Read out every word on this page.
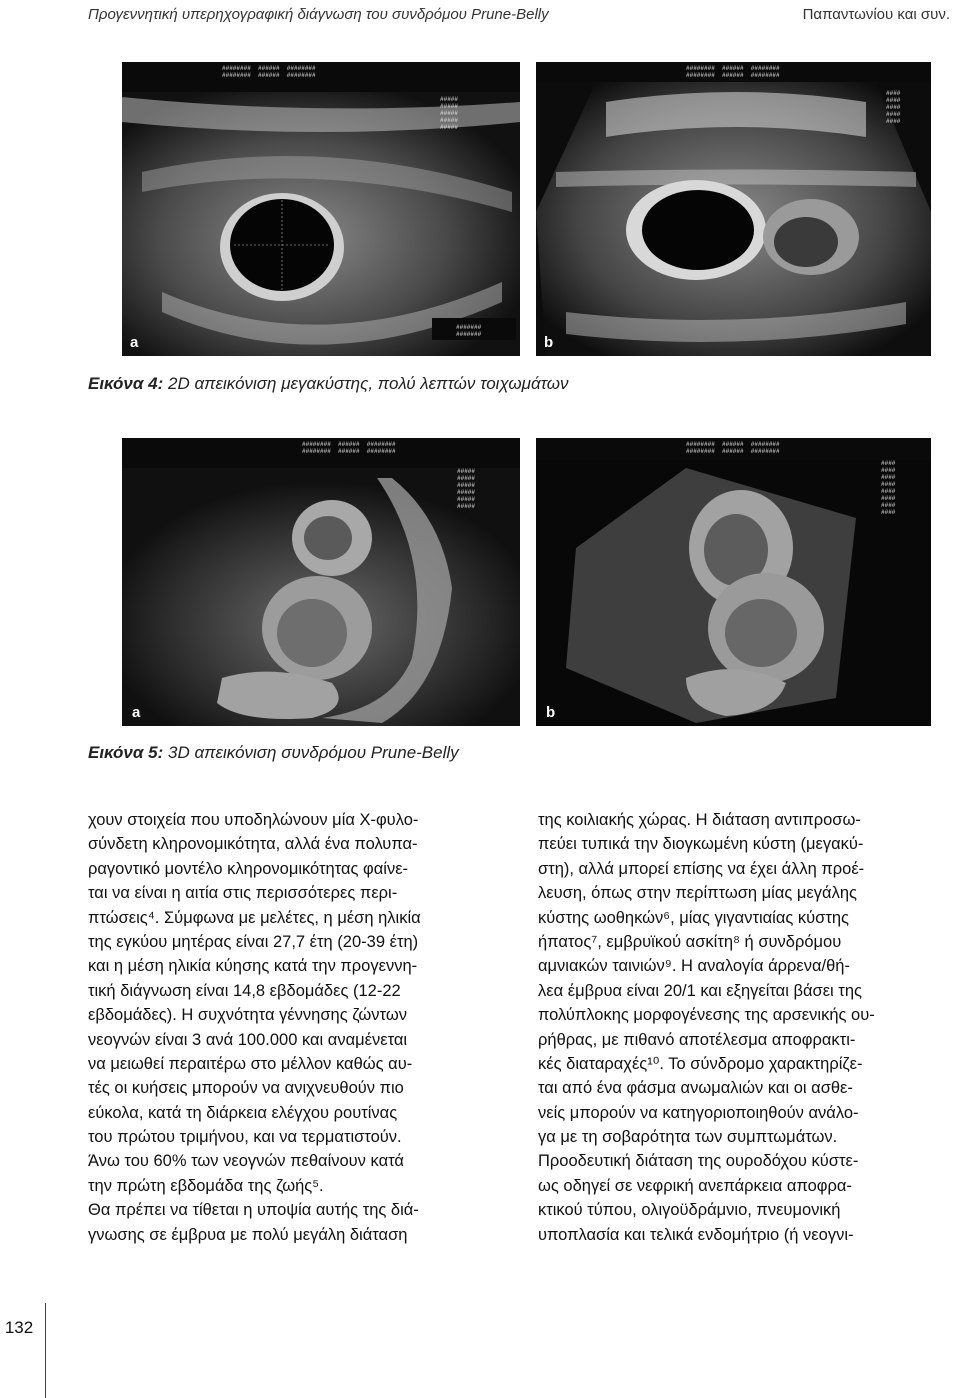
Προγεννητική υπερηχογραφική διάγνωση του συνδρόμου Prune-Belly	Παπαντωνίου και συν.
########  ######  ########
########  ######  ########
#####
#####
#####
#####
#####
#######
#######
a
########  ######  ########
########  ######  ########
####
####
####
####
####
b
Εικόνα 4: 2D απεικόνιση μεγακύστης, πολύ λεπτών τοιχωμάτων
########  ######  ########
########  ######  ########
#####
#####
#####
#####
#####
#####
a
########  ######  ########
########  ######  ########
####
####
####
####
####
####
####
####
b
Εικόνα 5: 3D απεικόνιση συνδρόμου Prune-Belly
χουν στοιχεία που υποδηλώνουν μία Χ-φυλο-
σύνδετη κληρονομικότητα, αλλά ένα πολυπα-
ραγοντικό μοντέλο κληρονομικότητας φαίνε-
ται να είναι η αιτία στις περισσότερες περι-
πτώσεις⁴. Σύμφωνα με μελέτες, η μέση ηλικία
της εγκύου μητέρας είναι 27,7 έτη (20-39 έτη)
και η μέση ηλικία κύησης κατά την προγεννη-
τική διάγνωση είναι 14,8 εβδομάδες (12-22
εβδομάδες). Η συχνότητα γέννησης ζώντων
νεογνών είναι 3 ανά 100.000 και αναμένεται
να μειωθεί περαιτέρω στο μέλλον καθώς αυ-
τές οι κυήσεις μπορούν να ανιχνευθούν πιο
εύκολα, κατά τη διάρκεια ελέγχου ρουτίνας
του πρώτου τριμήνου, και να τερματιστούν.
Άνω του 60% των νεογνών πεθαίνουν κατά
την πρώτη εβδομάδα της ζωής⁵.
Θα πρέπει να τίθεται η υποψία αυτής της διά-
γνωσης σε έμβρυα με πολύ μεγάλη διάταση
της κοιλιακής χώρας. Η διάταση αντιπροσω-
πεύει τυπικά την διογκωμένη κύστη (μεγακύ-
στη), αλλά μπορεί επίσης να έχει άλλη προέ-
λευση, όπως στην περίπτωση μίας μεγάλης
κύστης ωοθηκών⁶, μίας γιγαντιαίας κύστης
ήπατος⁷, εμβρυϊκού ασκίτη⁸ ή συνδρόμου
αμνιακών ταινιών⁹. Η αναλογία άρρενα/θή-
λεα έμβρυα είναι 20/1 και εξηγείται βάσει της
πολύπλοκης μορφογένεσης της αρσενικής ου-
ρήθρας, με πιθανό αποτέλεσμα αποφρακτι-
κές διαταραχές¹⁰. Το σύνδρομο χαρακτηρίζε-
ται από ένα φάσμα ανωμαλιών και οι ασθε-
νείς μπορούν να κατηγοριοποιηθούν ανάλο-
γα με τη σοβαρότητα των συμπτωμάτων.
Προοδευτική διάταση της ουροδόχου κύστε-
ως οδηγεί σε νεφρική ανεπάρκεια αποφρα-
κτικού τύπου, ολιγοϋδράμνιο, πνευμονική
υποπλασία και τελικά ενδομήτριο (ή νεογνι-
132
